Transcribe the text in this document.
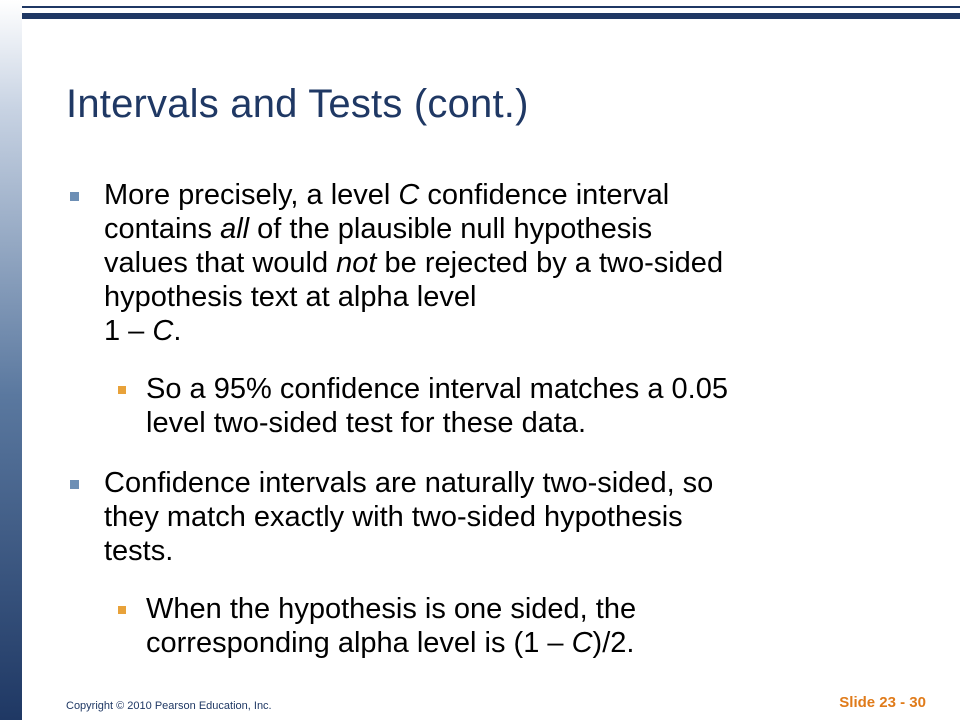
Intervals and Tests (cont.)
More precisely, a level C confidence interval
contains all of the plausible null hypothesis
values that would not be rejected by a two-sided
hypothesis text at alpha level
1 – C.
So a 95% confidence interval matches a 0.05
level two-sided test for these data.
Confidence intervals are naturally two-sided, so
they match exactly with two-sided hypothesis
tests.
When the hypothesis is one sided, the
corresponding alpha level is (1 – C)/2.
Copyright © 2010 Pearson Education, Inc.	Slide 23 - 30
